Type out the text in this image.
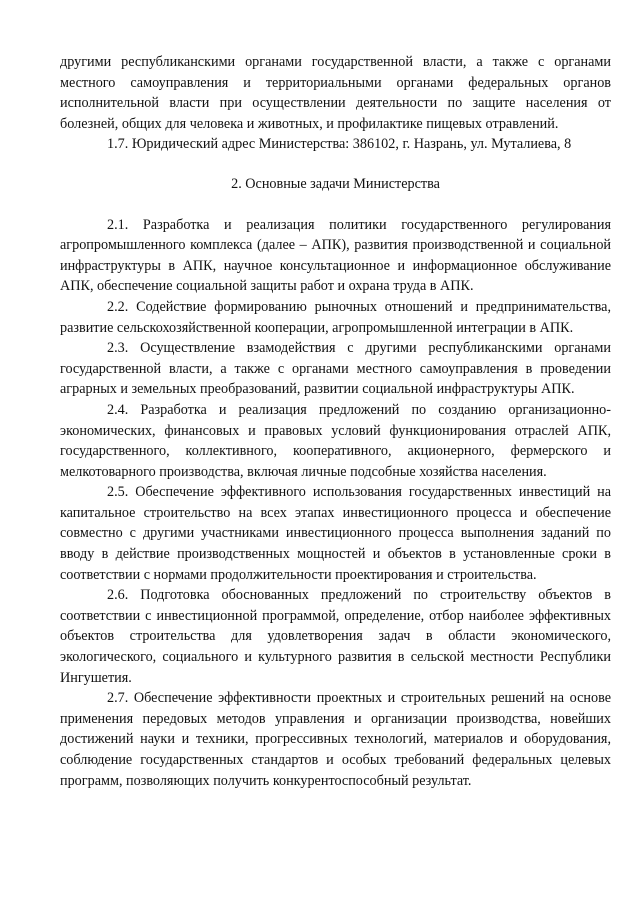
другими республиканскими органами государственной власти, а также с органами местного самоуправления и территориальными органами федеральных органов исполнительной власти при осуществлении деятельности по защите населения от болезней, общих для человека и животных, и профилактике пищевых отравлений.

1.7. Юридический адрес Министерства: 386102, г. Назрань, ул. Муталиева, 8

2. Основные задачи Министерства

2.1. Разработка и реализация политики государственного регулирования агропромышленного комплекса (далее – АПК), развития производственной и социальной инфраструктуры в АПК, научное консультационное и информационное обслуживание АПК, обеспечение социальной защиты работ и охрана труда в АПК.

2.2. Содействие формированию рыночных отношений и предпринимательства, развитие сельскохозяйственной кооперации, агропромышленной интеграции в АПК.

2.3. Осуществление взамодействия с другими республиканскими органами государственной власти, а также с органами местного самоуправления в проведении аграрных и земельных преобразований, развитии социальной инфраструктуры АПК.

2.4. Разработка и реализация предложений по созданию организационно-экономических, финансовых и правовых условий функционирования отраслей АПК, государственного, коллективного, кооперативного, акционерного, фермерского и мелкотоварного производства, включая личные подсобные хозяйства населения.

2.5. Обеспечение эффективного использования государственных инвестиций на капитальное строительство на всех этапах инвестиционного процесса и обеспечение совместно с другими участниками инвестиционного процесса выполнения заданий по вводу в действие производственных мощностей и объектов в установленные сроки в соответствии с нормами продолжительности проектирования и строительства.

2.6. Подготовка обоснованных предложений по строительству объектов в соответствии с инвестиционной программой, определение, отбор наиболее эффективных объектов строительства для удовлетворения задач в области экономического, экологического, социального и культурного развития в сельской местности Республики Ингушетия.

2.7. Обеспечение эффективности проектных и строительных решений на основе применения передовых методов управления и организации производства, новейших достижений науки и техники, прогрессивных технологий, материалов и оборудования, соблюдение государственных стандартов и особых требований федеральных целевых программ, позволяющих получить конкурентоспособный результат.
